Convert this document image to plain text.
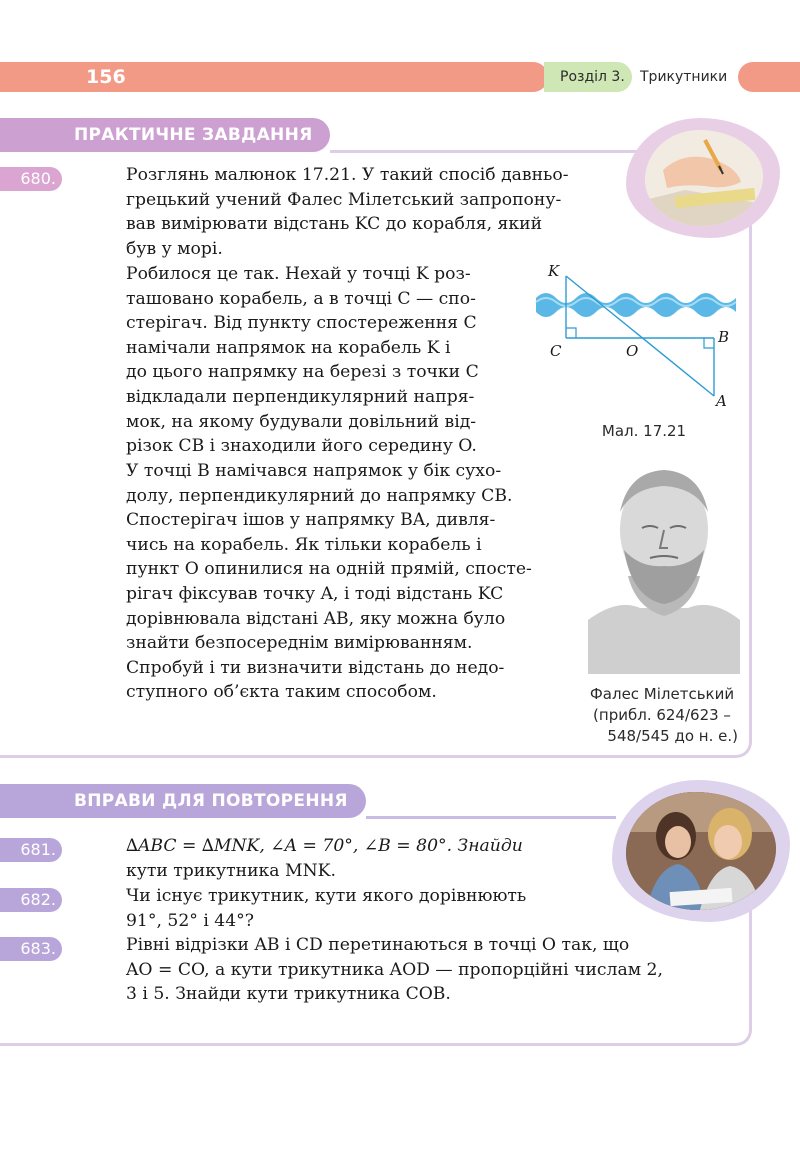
156	Розділ 3.	Трикутники
ПРАКТИЧНЕ ЗАВДАННЯ
680.	Розглянь малюнок 17.21. У такий спосіб давньо-

грецький учений Фалес Мілетський запропону-

вав вимірювати відстань KC до корабля, який

був у морі.

Робилося це так. Нехай у точці K роз-

ташовано корабель, а в точці C — спо-

стерігач. Від пункту спостереження C

намічали напрямок на корабель K і

до цього напрямку на березі з точки C

відкладали перпендикулярний напря-

мок, на якому будували довільний від-

різок CB і знаходили його середину O.

У точці B намічався напрямок у бік сухо-

долу, перпендикулярний до напрямку CB.

Спостерігач ішов у напрямку BA, дивля-

чись на корабель. Як тільки корабель і

пункт O опинилися на одній прямій, спосте-

рігач фіксував точку A, і тоді відстань KC

дорівнювала відстані AB, яку можна було

знайти безпосереднім вимірюванням.

Спробуй і ти визначити відстань до недо-

ступного об’єкта таким способом.

K
C	O
B
A
Мал. 17.21
Фалес Мілетський
(прибл. 624/623 –
548/545 до н. е.)
ВПРАВИ ДЛЯ ПОВТОРЕННЯ
681.	∆ABC = ∆MNK, ∠A = 70°, ∠B = 80°. Знайди

кути трикутника MNK.

682.	Чи існує трикутник, кути якого дорівнюють

91°, 52° і 44°?

683.	Рівні відрізки AB і CD перетинаються в точці O так, що

AO = CO, а кути трикутника AOD — пропорційні числам 2,

3 і 5. Знайди кути трикутника COB.
